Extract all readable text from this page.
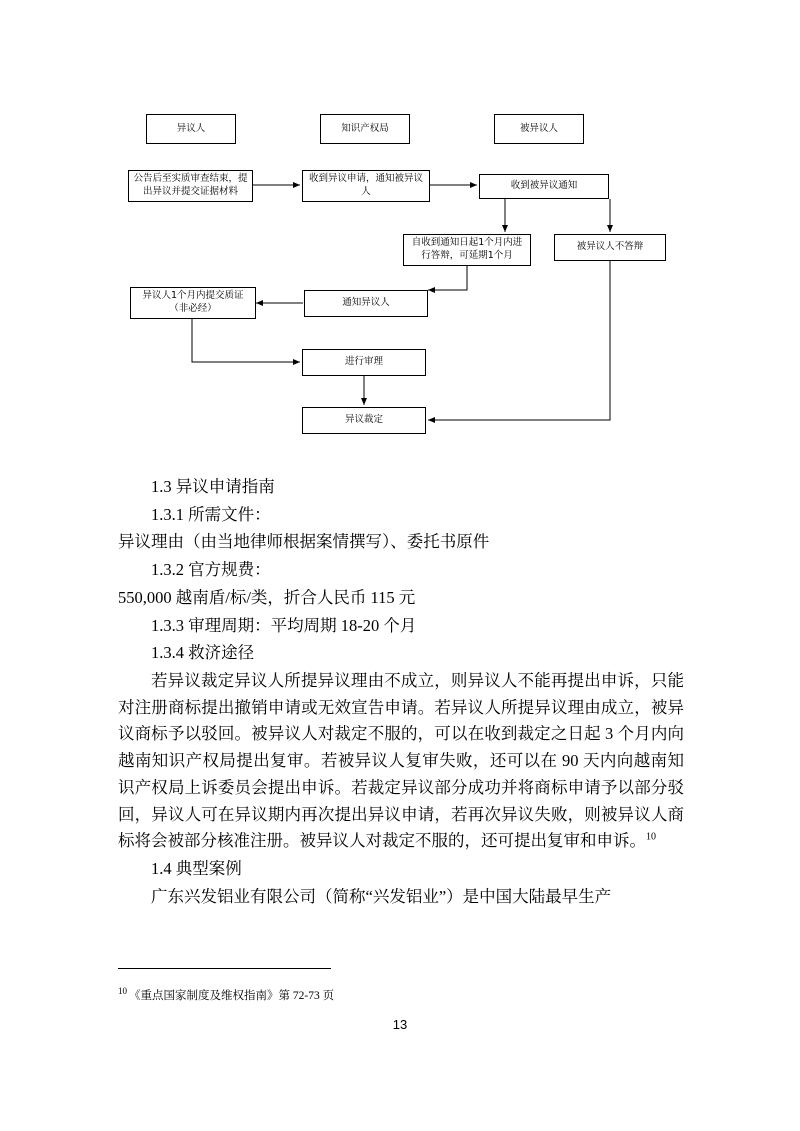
异议人	知识产权局	被异议人
公告后至实质审查结束，提出异议并提交证据材料
收到异议申请，通知被异议人
收到被异议通知
自收到通知日起1个月内进行答辩，可延期1个月
被异议人不答辩
异议人1个月内提交质证（非必经）
通知异议人
进行审理
异议裁定

1.3 异议申请指南

1.3.1 所需文件：

异议理由（由当地律师根据案情撰写）、委托书原件

1.3.2 官方规费：

550,000 越南盾/标/类，折合人民币 115 元

1.3.3 审理周期：平均周期 18-20 个月

1.3.4 救济途径

若异议裁定异议人所提异议理由不成立，则异议人不能再提出申诉，只能对注册商标提出撤销申请或无效宣告申请。若异议人所提异议理由成立，被异议商标予以驳回。被异议人对裁定不服的，可以在收到裁定之日起 3 个月内向越南知识产权局提出复审。若被异议人复审失败，还可以在 90 天内向越南知识产权局上诉委员会提出申诉。若裁定异议部分成功并将商标申请予以部分驳回，异议人可在异议期内再次提出异议申请，若再次异议失败，则被异议人商标将会被部分核准注册。被异议人对裁定不服的，还可提出复审和申诉。$^{10}$

1.4 典型案例

广东兴发铝业有限公司（简称“兴发铝业”）是中国大陆最早生产

$^{10}$ 《重点国家制度及维权指南》第 72-73 页
13
